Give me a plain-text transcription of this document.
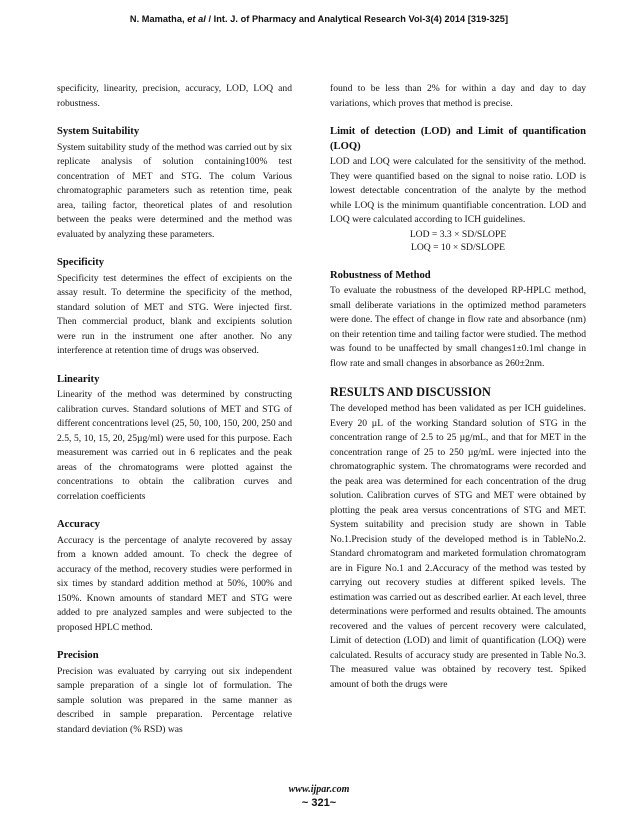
N. Mamatha, et al / Int. J. of Pharmacy and Analytical Research Vol-3(4) 2014 [319-325]

specificity, linearity, precision, accuracy, LOD, LOQ and robustness.

System Suitability

System suitability study of the method was carried out by six replicate analysis of solution containing100% test concentration of MET and STG. The colum Various chromatographic parameters such as retention time, peak area, tailing factor, theoretical plates of and resolution between the peaks were determined and the method was evaluated by analyzing these parameters.

Specificity

Specificity test determines the effect of excipients on the assay result. To determine the specificity of the method, standard solution of MET and STG. Were injected first. Then commercial product, blank and excipients solution were run in the instrument one after another. No any interference at retention time of drugs was observed.

Linearity

Linearity of the method was determined by constructing calibration curves. Standard solutions of MET and STG of different concentrations level (25, 50, 100, 150, 200, 250 and 2.5, 5, 10, 15, 20, 25µg/ml) were used for this purpose. Each measurement was carried out in 6 replicates and the peak areas of the chromatograms were plotted against the concentrations to obtain the calibration curves and correlation coefficients

Accuracy

Accuracy is the percentage of analyte recovered by assay from a known added amount. To check the degree of accuracy of the method, recovery studies were performed in six times by standard addition method at 50%, 100% and 150%. Known amounts of standard MET and STG were added to pre analyzed samples and were subjected to the proposed HPLC method.

Precision

Precision was evaluated by carrying out six independent sample preparation of a single lot of formulation. The sample solution was prepared in the same manner as described in sample preparation. Percentage relative standard deviation (% RSD) was

found to be less than 2% for within a day and day to day variations, which proves that method is precise.

Limit of detection (LOD) and Limit of quantification (LOQ)

LOD and LOQ were calculated for the sensitivity of the method. They were quantified based on the signal to noise ratio. LOD is lowest detectable concentration of the analyte by the method while LOQ is the minimum quantifiable concentration. LOD and LOQ were calculated according to ICH guidelines.

LOD = 3.3 × SD/SLOPE

LOQ = 10 × SD/SLOPE

Robustness of Method

To evaluate the robustness of the developed RP-HPLC method, small deliberate variations in the optimized method parameters were done. The effect of change in flow rate and absorbance (nm) on their retention time and tailing factor were studied. The method was found to be unaffected by small changes1±0.1ml change in flow rate and small changes in absorbance as 260±2nm.

RESULTS AND DISCUSSION

The developed method has been validated as per ICH guidelines. Every 20 µL of the working Standard solution of STG in the concentration range of 2.5 to 25 µg/mL, and that for MET in the concentration range of 25 to 250 µg/mL were injected into the chromatographic system. The chromatograms were recorded and the peak area was determined for each concentration of the drug solution. Calibration curves of STG and MET were obtained by plotting the peak area versus concentrations of STG and MET. System suitability and precision study are shown in Table No.1.Precision study of the developed method is in TableNo.2. Standard chromatogram and marketed formulation chromatogram are in Figure No.1 and 2.Accuracy of the method was tested by carrying out recovery studies at different spiked levels. The estimation was carried out as described earlier. At each level, three determinations were performed and results obtained. The amounts recovered and the values of percent recovery were calculated, Limit of detection (LOD) and limit of quantification (LOQ) were calculated. Results of accuracy study are presented in Table No.3. The measured value was obtained by recovery test. Spiked amount of both the drugs were

www.ijpar.com
~ 321~
